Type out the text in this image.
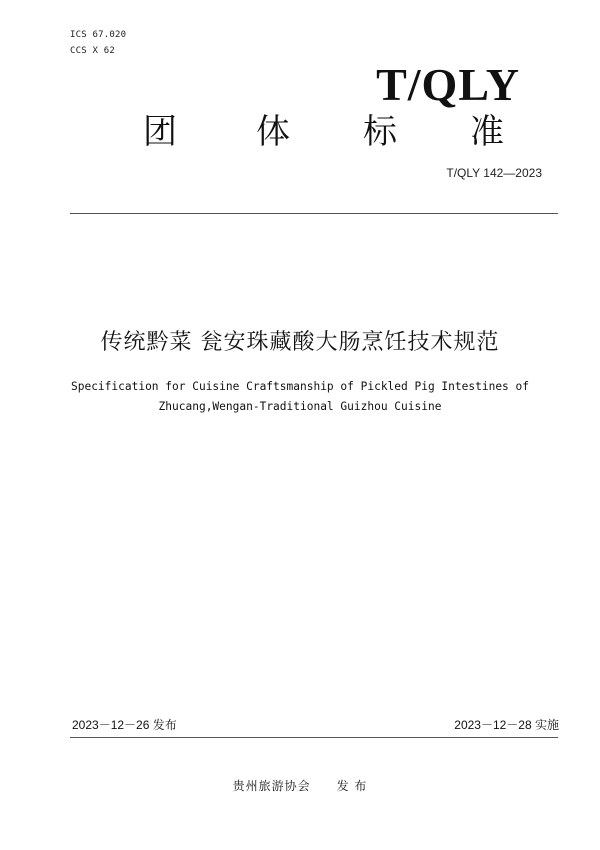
ICS 67.020
CCS X 62
T/QLY
团 体 标 准
T/QLY 142—2023
传统黔菜 瓮安珠藏酸大肠烹饪技术规范
Specification for Cuisine Craftsmanship of Pickled Pig Intestines of
Zhucang,Wengan-Traditional Guizhou Cuisine
2023－12－26 发布	2023－12－28 实施
贵州旅游协会 发 布
